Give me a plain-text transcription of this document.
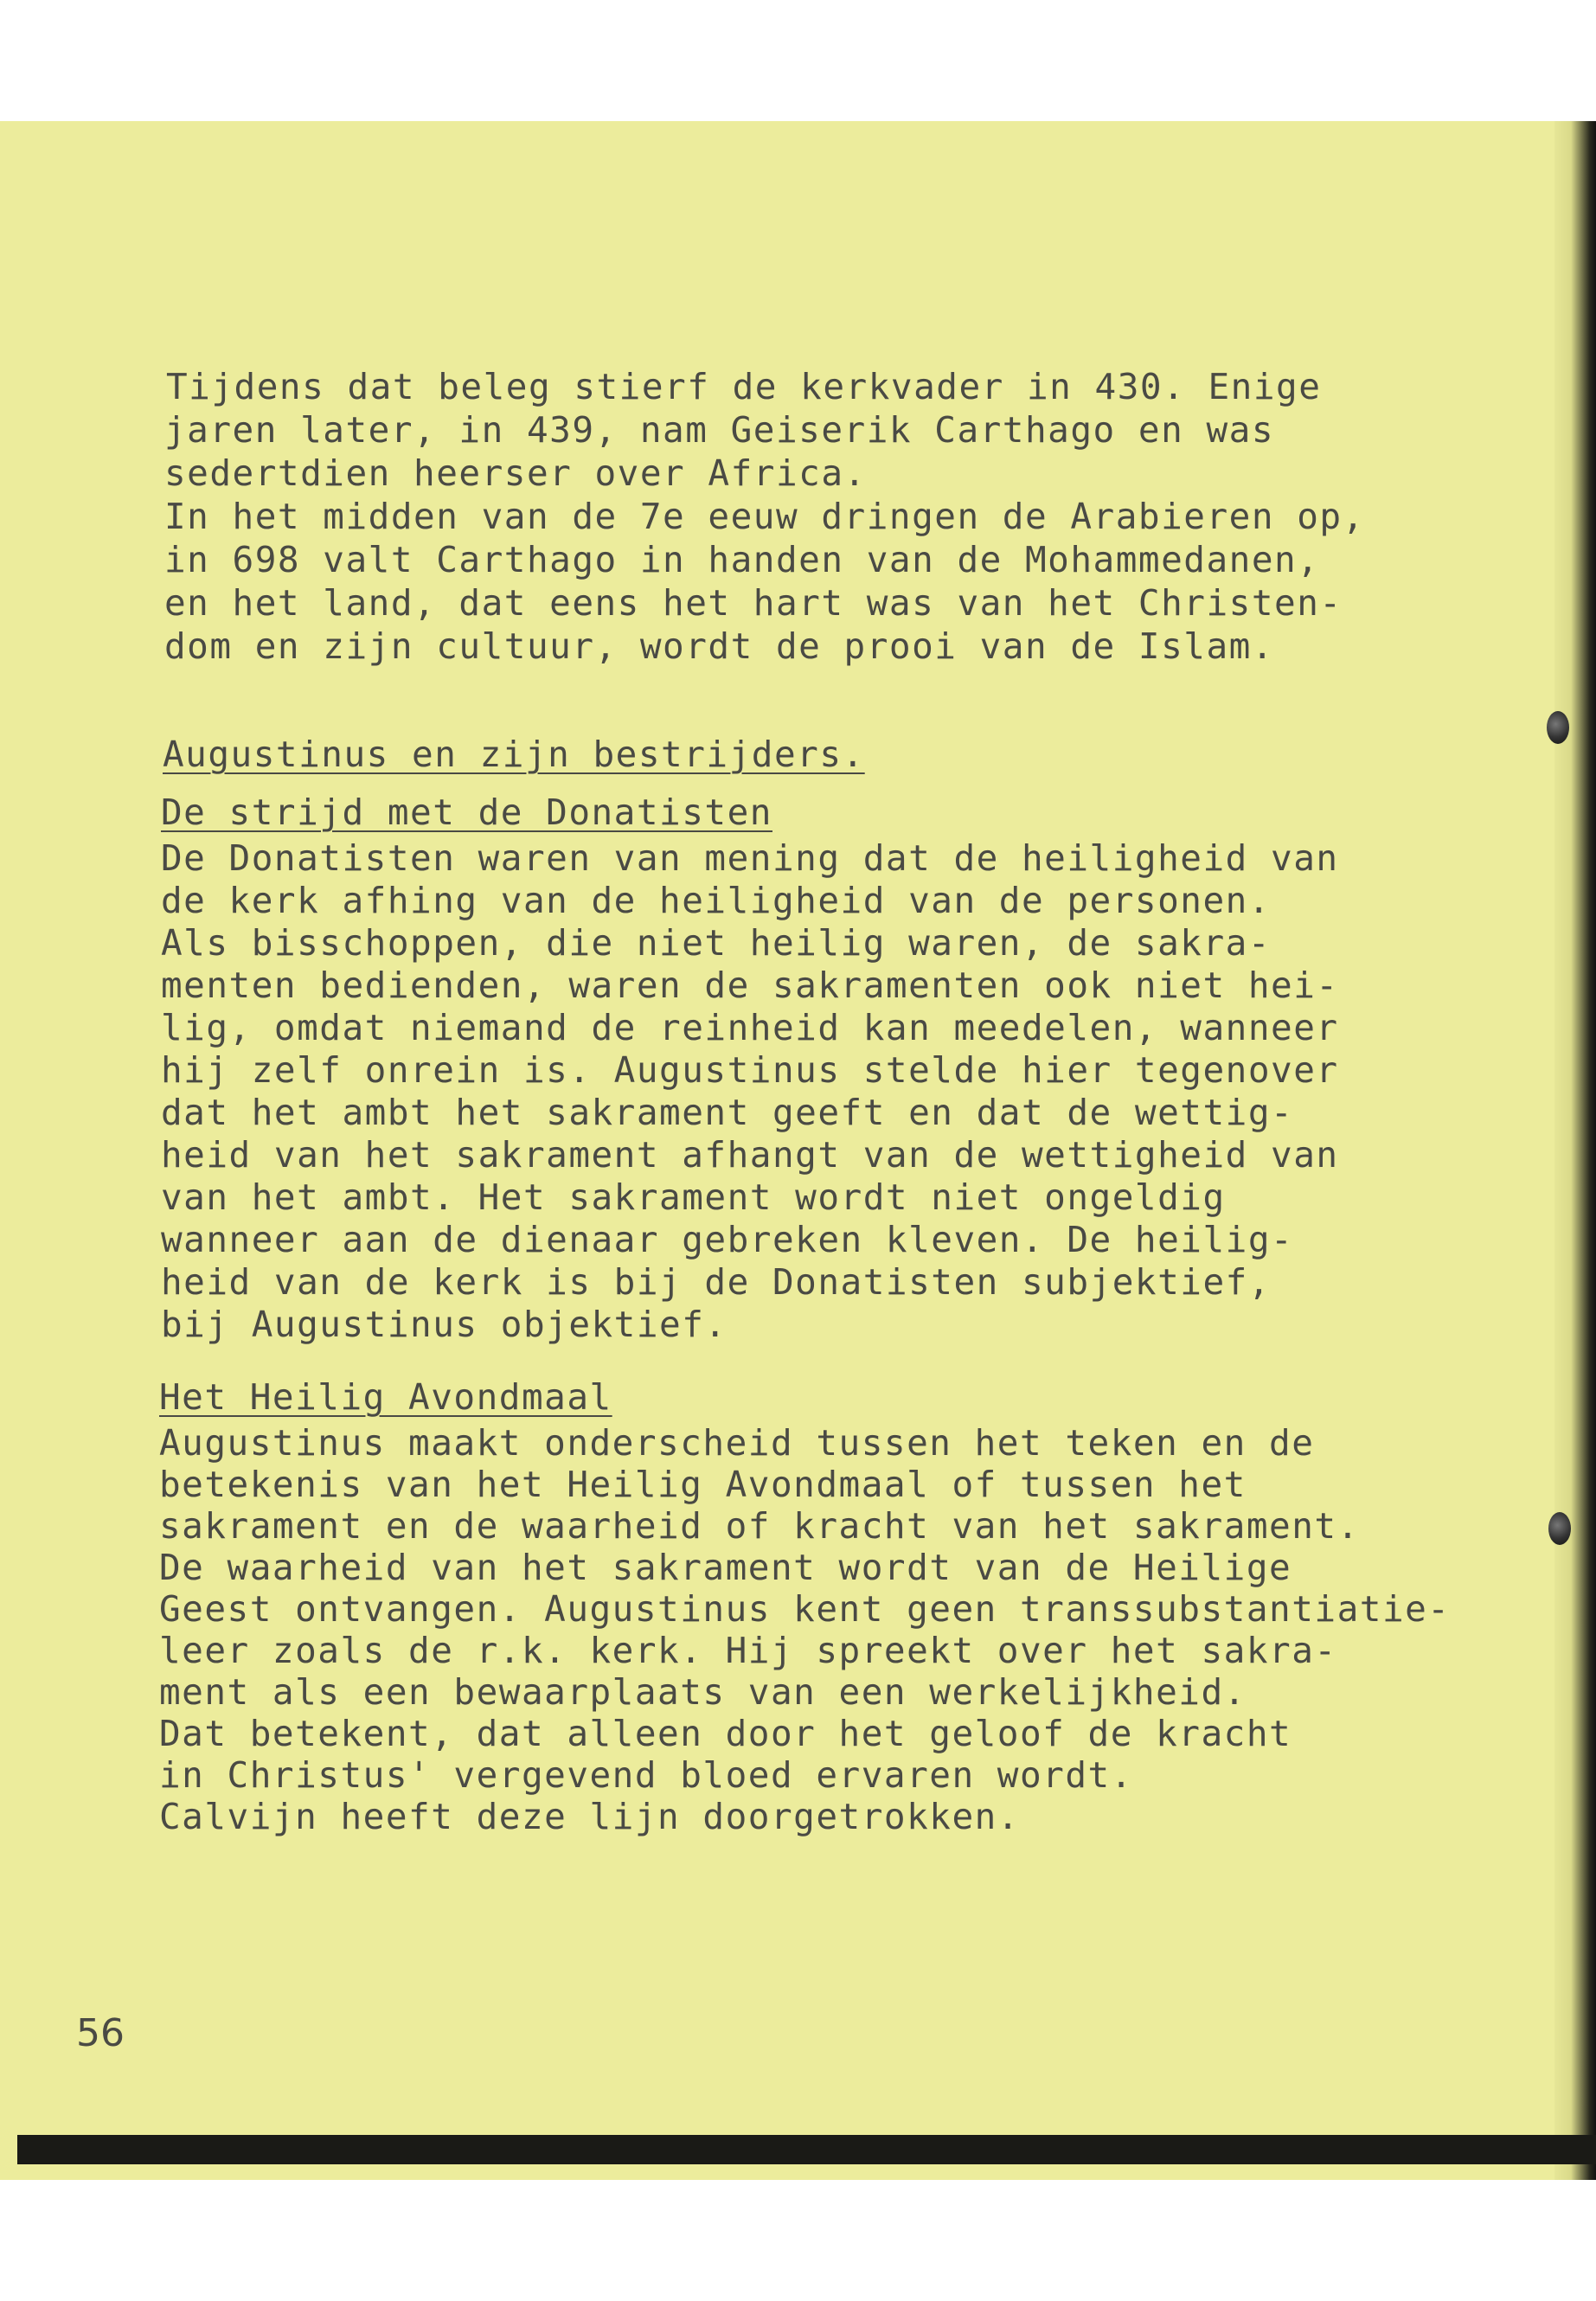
Tijdens dat beleg stierf de kerkvader in 430. Enige

jaren later, in 439, nam Geiserik Carthago en was

sedertdien heerser over Africa.

In het midden van de 7e eeuw dringen de Arabieren op,

in 698 valt Carthago in handen van de Mohammedanen,

en het land, dat eens het hart was van het Christen-

dom en zijn cultuur, wordt de prooi van de Islam.

Augustinus en zijn bestrijders.

De strijd met de Donatisten

De Donatisten waren van mening dat de heiligheid van

de kerk afhing van de heiligheid van de personen.

Als bisschoppen, die niet heilig waren, de sakra-

menten bedienden, waren de sakramenten ook niet hei-

lig, omdat niemand de reinheid kan meedelen, wanneer

hij zelf onrein is. Augustinus stelde hier tegenover

dat het ambt het sakrament geeft en dat de wettig-

heid van het sakrament afhangt van de wettigheid van

van het ambt. Het sakrament wordt niet ongeldig

wanneer aan de dienaar gebreken kleven. De heilig-

heid van de kerk is bij de Donatisten subjektief,

bij Augustinus objektief.

Het Heilig Avondmaal

Augustinus maakt onderscheid tussen het teken en de

betekenis van het Heilig Avondmaal of tussen het

sakrament en de waarheid of kracht van het sakrament.

De waarheid van het sakrament wordt van de Heilige

Geest ontvangen. Augustinus kent geen transsubstantiatie-

leer zoals de r.k. kerk. Hij spreekt over het sakra-

ment als een bewaarplaats van een werkelijkheid.

Dat betekent, dat alleen door het geloof de kracht

in Christus' vergevend bloed ervaren wordt.

Calvijn heeft deze lijn doorgetrokken.

56
